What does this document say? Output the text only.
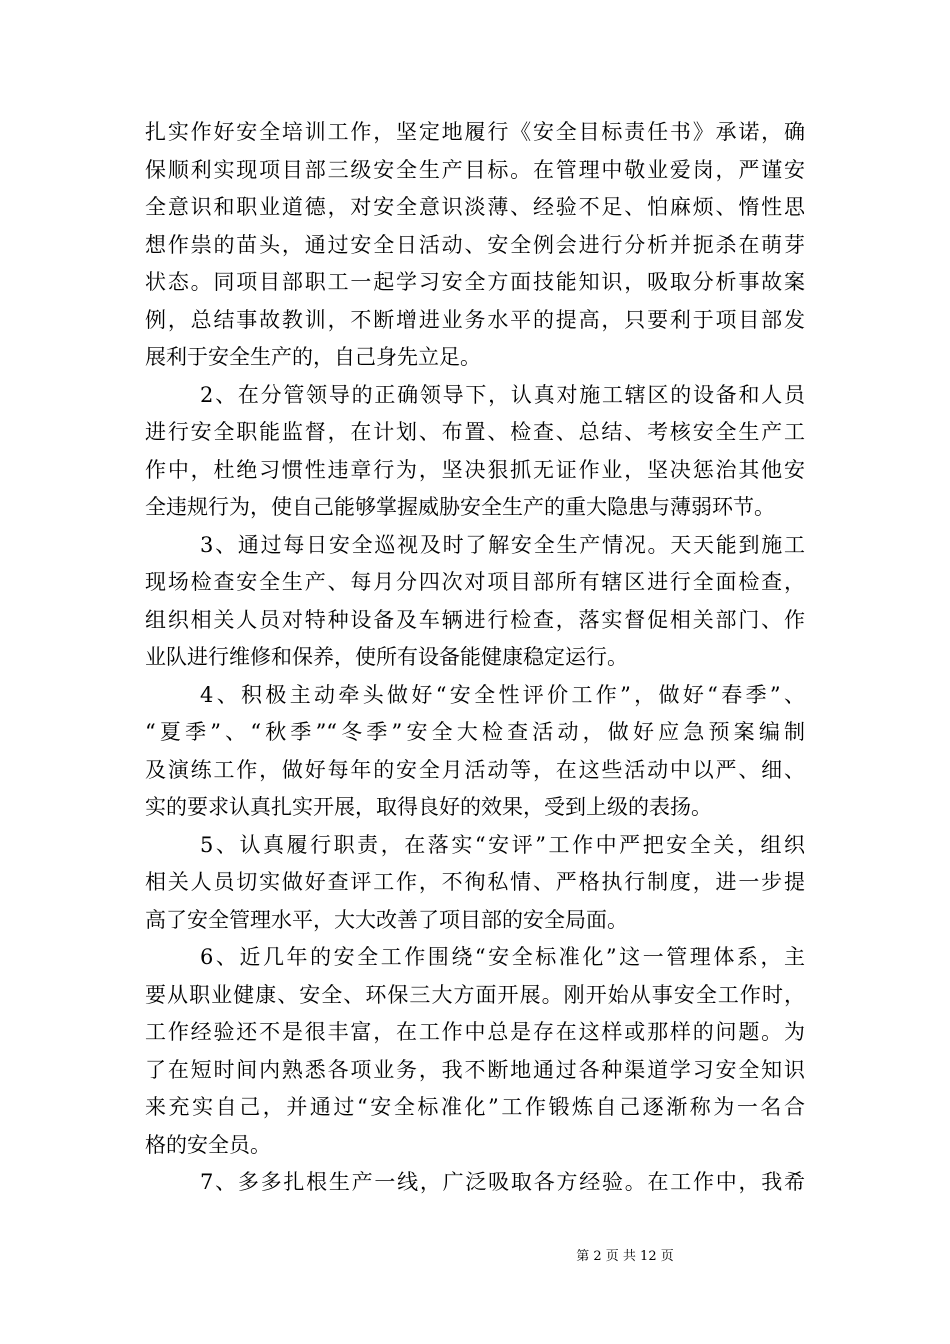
扎实作好安全培训工作，坚定地履行《安全目标责任书》承诺，确
保顺利实现项目部三级安全生产目标。在管理中敬业爱岗，严谨安
全意识和职业道德，对安全意识淡薄、经验不足、怕麻烦、惰性思
想作祟的苗头，通过安全日活动、安全例会进行分析并扼杀在萌芽
状态。同项目部职工一起学习安全方面技能知识，吸取分析事故案
例，总结事故教训，不断增进业务水平的提高，只要利于项目部发
展利于安全生产的，自己身先立足。
2、在分管领导的正确领导下，认真对施工辖区的设备和人员
进行安全职能监督，在计划、布置、检查、总结、考核安全生产工
作中，杜绝习惯性违章行为，坚决狠抓无证作业，坚决惩治其他安
全违规行为，使自己能够掌握威胁安全生产的重大隐患与薄弱环节。
3、通过每日安全巡视及时了解安全生产情况。天天能到施工
现场检查安全生产、每月分四次对项目部所有辖区进行全面检查，
组织相关人员对特种设备及车辆进行检查，落实督促相关部门、作
业队进行维修和保养，使所有设备能健康稳定运行。
4、积极主动牵头做好“安全性评价工作”，做好“春季”、
“夏季”、“秋季”“冬季”安全大检查活动，做好应急预案编制
及演练工作，做好每年的安全月活动等，在这些活动中以严、细、
实的要求认真扎实开展，取得良好的效果，受到上级的表扬。
5、认真履行职责，在落实“安评”工作中严把安全关，组织
相关人员切实做好查评工作，不徇私情、严格执行制度，进一步提
高了安全管理水平，大大改善了项目部的安全局面。
6、近几年的安全工作围绕“安全标准化”这一管理体系，主
要从职业健康、安全、环保三大方面开展。刚开始从事安全工作时，
工作经验还不是很丰富，在工作中总是存在这样或那样的问题。为
了在短时间内熟悉各项业务，我不断地通过各种渠道学习安全知识
来充实自己，并通过“安全标准化”工作锻炼自己逐渐称为一名合
格的安全员。
7、多多扎根生产一线，广泛吸取各方经验。在工作中，我希
第 2 页 共 12 页
